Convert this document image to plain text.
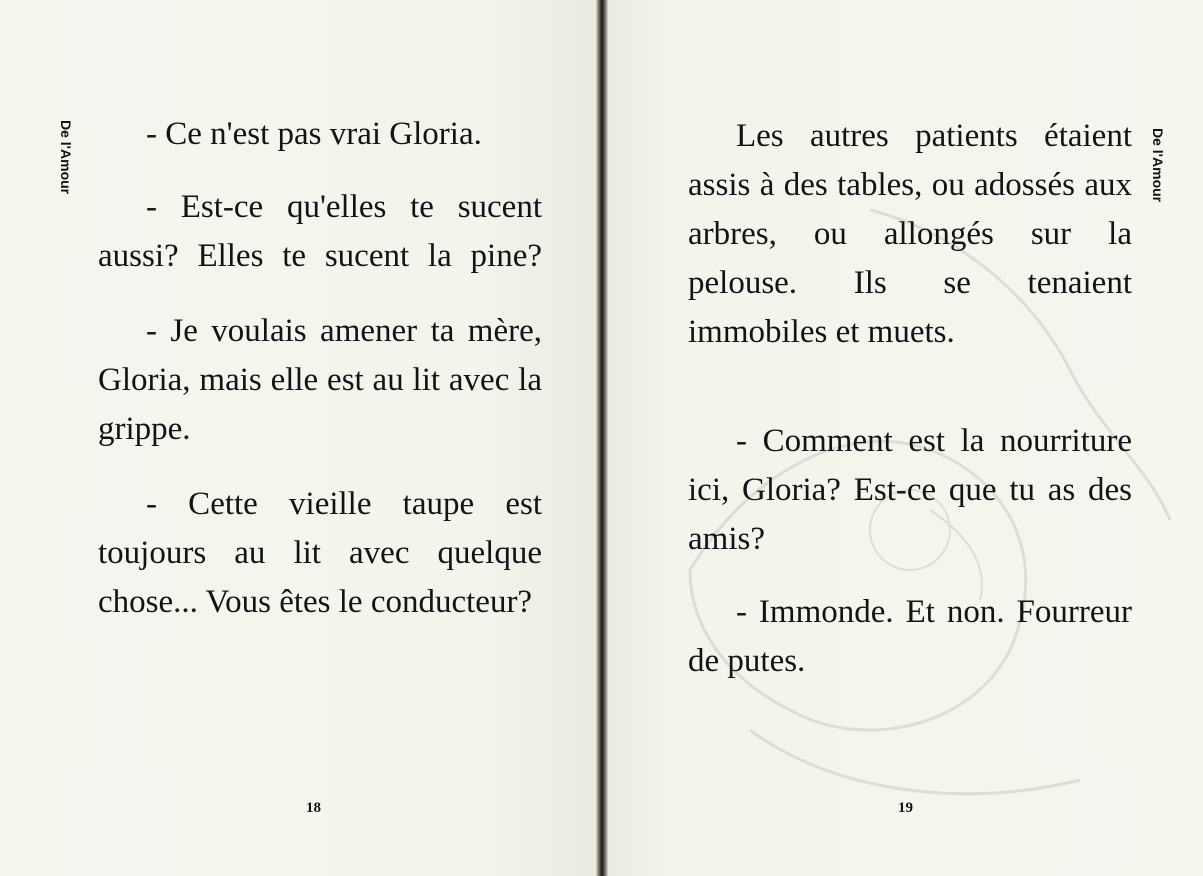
De l'Amour	De l'Amour

- Ce n'est pas vrai Gloria.

- Est-ce qu'elles te sucent aussi? Elles te sucent la pine?

- Je voulais amener ta mère, Gloria, mais elle est au lit avec la grippe.

- Cette vieille taupe est toujours au lit avec quelque chose... Vous êtes le conducteur?

Les autres patients étaient assis à des tables, ou adossés aux arbres, ou allongés sur la pelouse. Ils se tenaient immobiles et muets.

- Comment est la nourriture ici, Gloria? Est-ce que tu as des amis?

- Immonde. Et non. Fourreur de putes.

18	19
